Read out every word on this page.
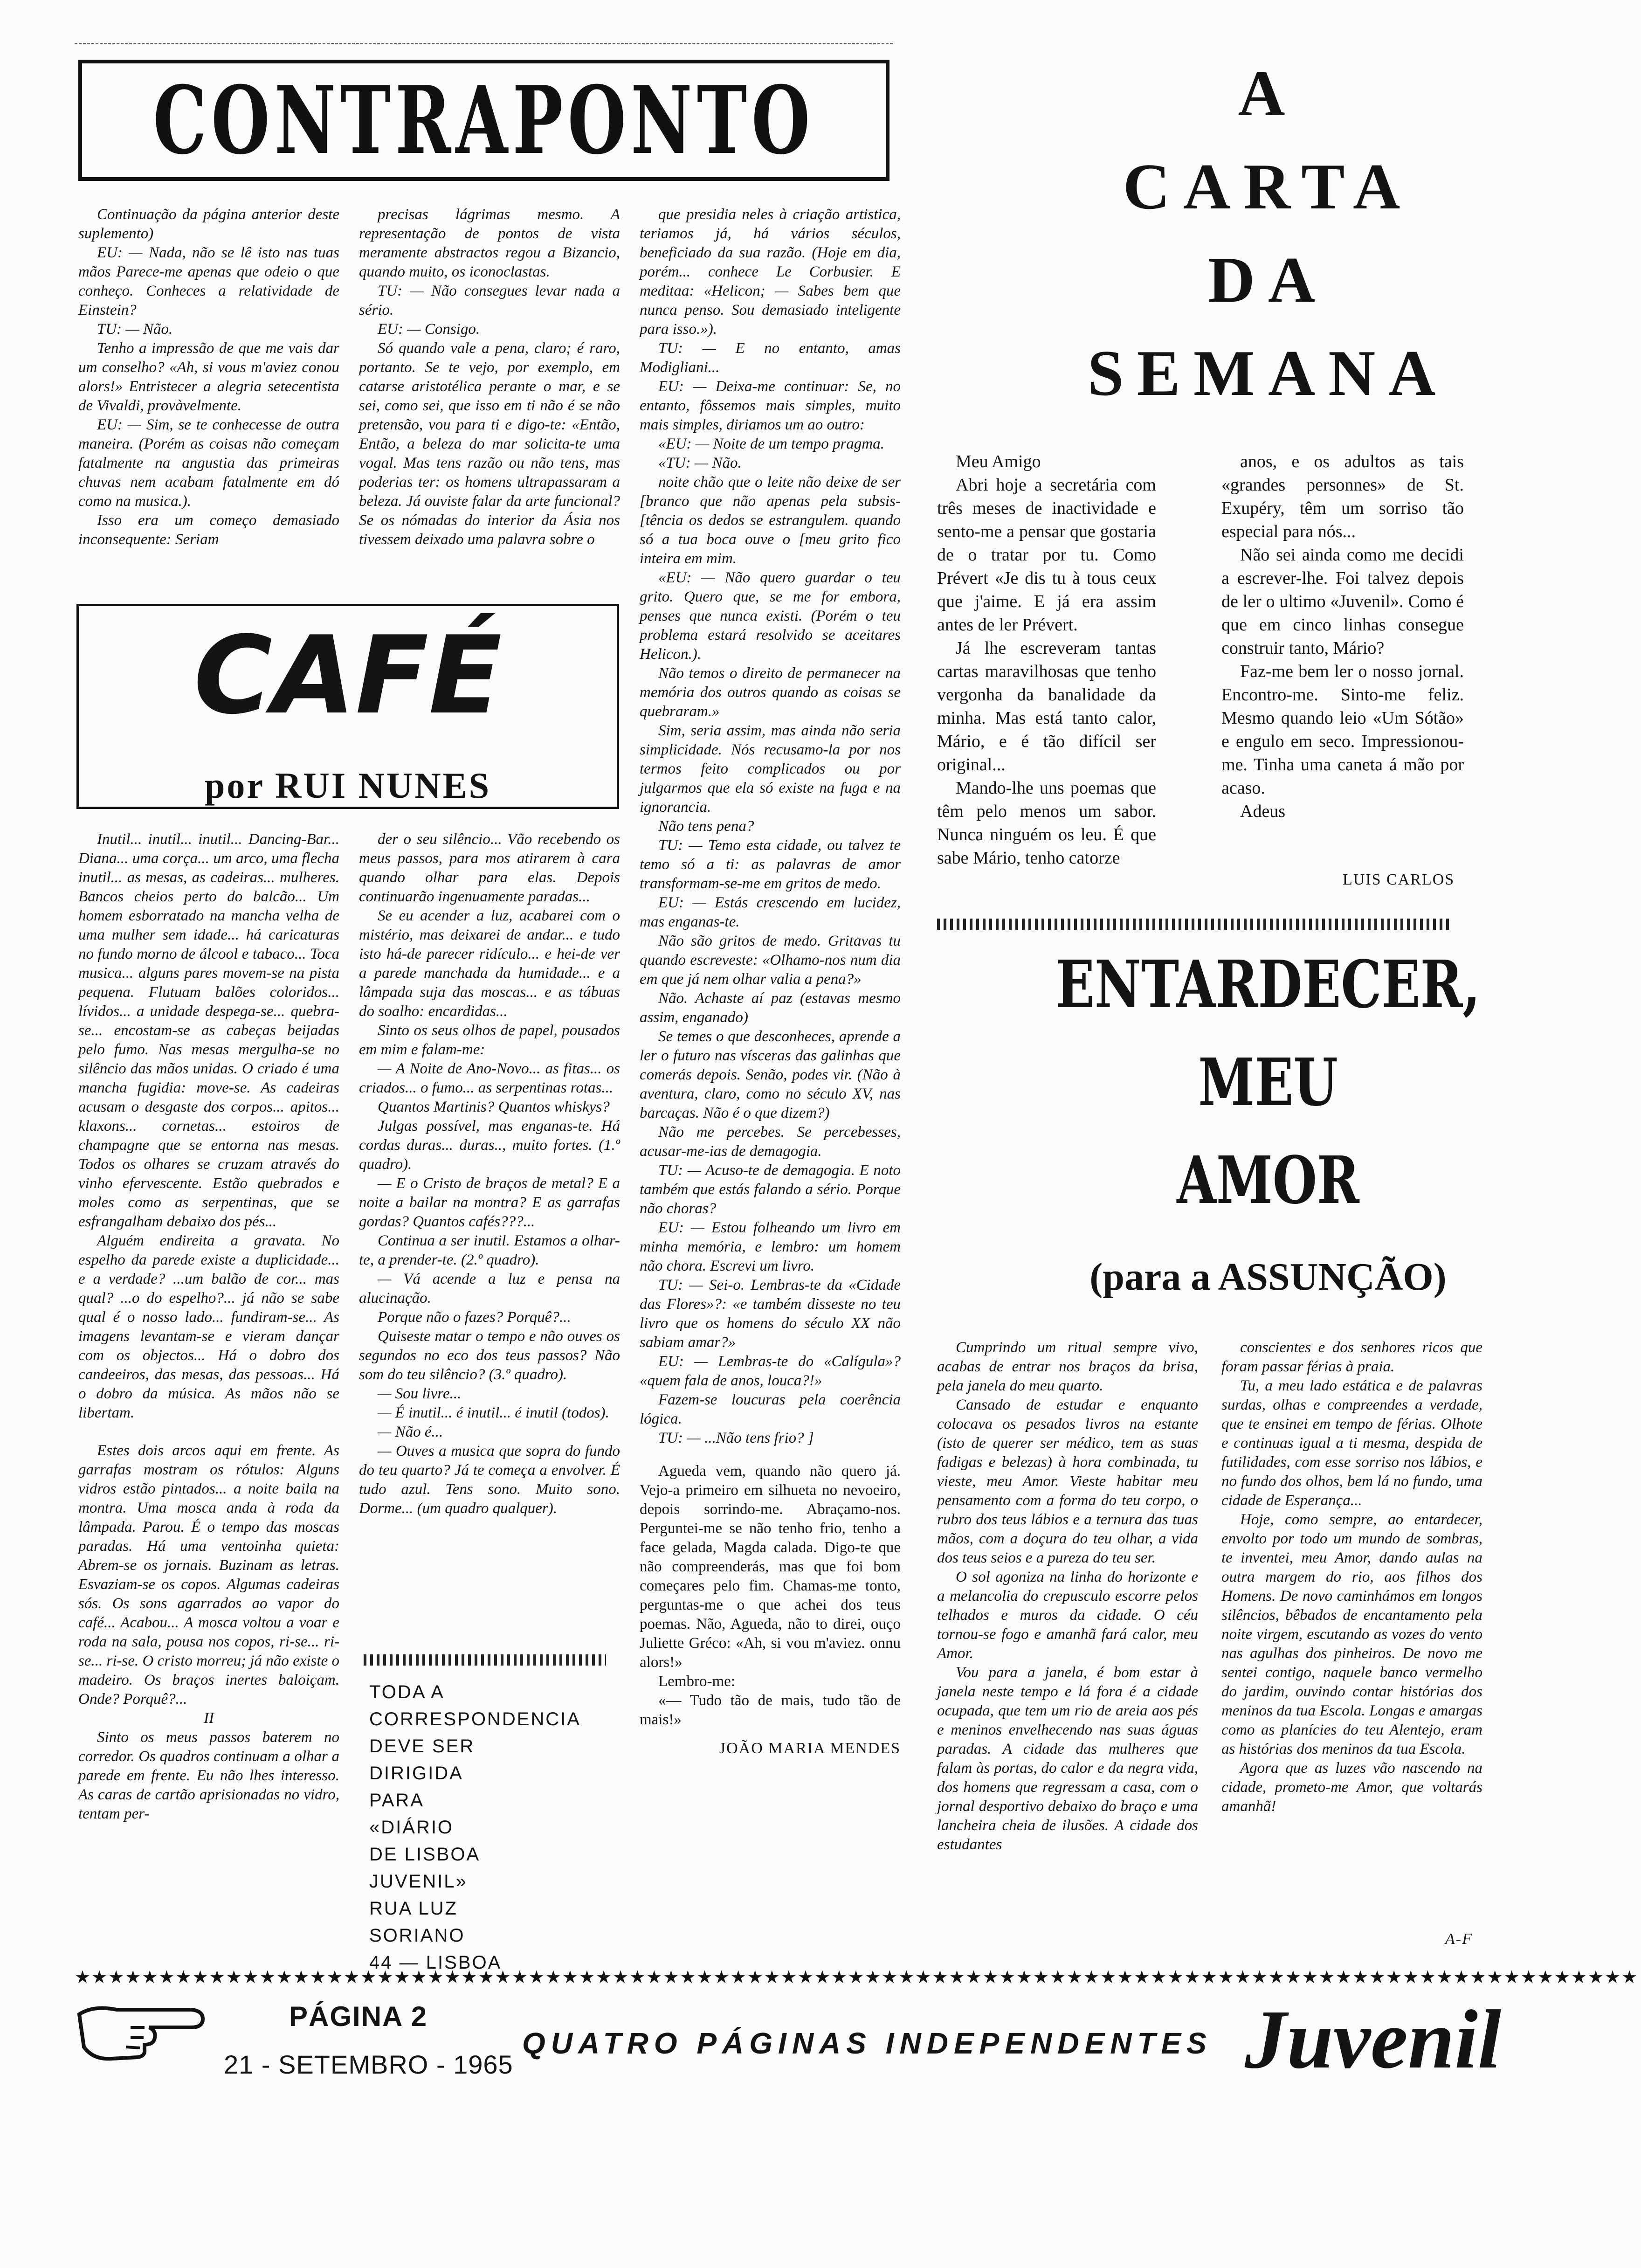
CONTRAPONTO

Continuação da página anterior deste suplemento)

EU: — Nada, não se lê isto nas tuas mãos Parece-me apenas que odeio o que conheço. Conheces a relatividade de Einstein?

TU: — Não.

Tenho a impressão de que me vais dar um conselho? «Ah, si vous m'aviez conou alors!» Entristecer a alegria setecentista de Vivaldi, provàvelmente.

EU: — Sim, se te conhecesse de outra maneira. (Porém as coisas não começam fatalmente na angustia das primeiras chuvas nem acabam fatalmente em dó como na musica.).

Isso era um começo demasiado inconsequente: Seriam

precisas lágrimas mesmo. A representação de pontos de vista meramente abstractos regou a Bizancio, quando muito, os iconoclastas.

TU: — Não consegues levar nada a sério.

EU: — Consigo.

Só quando vale a pena, claro; é raro, portanto. Se te vejo, por exemplo, em catarse aristotélica perante o mar, e se sei, como sei, que isso em ti não é se não pretensão, vou para ti e digo-te: «Então, Então, a beleza do mar solicita-te uma vogal. Mas tens razão ou não tens, mas poderias ter: os homens ultrapassaram a beleza. Já ouviste falar da arte funcional? Se os nómadas do interior da Ásia nos tivessem deixado uma palavra sobre o

que presidia neles à criação artistica, teriamos já, há vários séculos, beneficiado da sua razão. (Hoje em dia, porém... conhece Le Corbusier. E meditaa: «Helicon; — Sabes bem que nunca penso. Sou demasiado inteligente para isso.»).

TU: — E no entanto, amas Modigliani...

EU: — Deixa-me continuar: Se, no entanto, fôssemos mais simples, muito mais simples, diriamos um ao outro:

«EU: — Noite de um tempo pragma.

«TU: — Não.

noite chão que o leite não deixe de ser [branco que não apenas pela subsis- [tência os dedos se estrangulem. quando só a tua boca ouve o [meu grito fico inteira em mim.

«EU: — Não quero guardar o teu grito. Quero que, se me for embora, penses que nunca existi. (Porém o teu problema estará resolvido se aceitares Helicon.).

Não temos o direito de permanecer na memória dos outros quando as coisas se quebraram.»

Sim, seria assim, mas ainda não seria simplicidade. Nós recusamo-la por nos termos feito complicados ou por julgarmos que ela só existe na fuga e na ignorancia.

Não tens pena?

TU: — Temo esta cidade, ou talvez te temo só a ti: as palavras de amor transformam-se-me em gritos de medo.

EU: — Estás crescendo em lucidez, mas enganas-te.

Não são gritos de medo. Gritavas tu quando escreveste: «Olhamo-nos num dia em que já nem olhar valia a pena?»

Não. Achaste aí paz (estavas mesmo assim, enganado)

Se temes o que desconheces, aprende a ler o futuro nas vísceras das galinhas que comerás depois. Senão, podes vir. (Não à aventura, claro, como no século XV, nas barcaças. Não é o que dizem?)

Não me percebes. Se percebesses, acusar-me-ias de demagogia.

TU: — Acuso-te de demagogia. E noto também que estás falando a sério. Porque não choras?

EU: — Estou folheando um livro em minha memória, e lembro: um homem não chora. Escrevi um livro.

TU: — Sei-o. Lembras-te da «Cidade das Flores»?: «e também disseste no teu livro que os homens do século XX não sabiam amar?»

EU: — Lembras-te do «Calígula»? «quem fala de anos, louca?!»

Fazem-se loucuras pela coerência lógica.

TU: — ...Não tens frio? ]

Agueda vem, quando não quero já. Vejo-a primeiro em silhueta no nevoeiro, depois sorrindo-me. Abraçamo-nos. Perguntei-me se não tenho frio, tenho a face gelada, Magda calada. Digo-te que não compreenderás, mas que foi bom começares pelo fim. Chamas-me tonto, perguntas-me o que achei dos teus poemas. Não, Agueda, não to direi, ouço Juliette Gréco: «Ah, si vou m'aviez. onnu alors!»

Lembro-me:

«— Tudo tão de mais, tudo tão de mais!»

JOÃO MARIA MENDES
CAFÉ
por RUI NUNES

Inutil... inutil... inutil... Dancing-Bar... Diana... uma corça... um arco, uma flecha inutil... as mesas, as cadeiras... mulheres. Bancos cheios perto do balcão... Um homem esborratado na mancha velha de uma mulher sem idade... há caricaturas no fundo morno de álcool e tabaco... Toca musica... alguns pares movem-se na pista pequena. Flutuam balões coloridos... lívidos... a unidade despega-se... quebra-se... encostam-se as cabeças beijadas pelo fumo. Nas mesas mergulha-se no silêncio das mãos unidas. O criado é uma mancha fugidia: move-se. As cadeiras acusam o desgaste dos corpos... apitos... klaxons... cornetas... estoiros de champagne que se entorna nas mesas. Todos os olhares se cruzam através do vinho efervescente. Estão quebrados e moles como as serpentinas, que se esfrangalham debaixo dos pés...

Alguém endireita a gravata. No espelho da parede existe a duplicidade... e a verdade? ...um balão de cor... mas qual? ...o do espelho?... já não se sabe qual é o nosso lado... fundiram-se... As imagens levantam-se e vieram dançar com os objectos... Há o dobro dos candeeiros, das mesas, das pessoas... Há o dobro da música. As mãos não se libertam.

Estes dois arcos aqui em frente. As garrafas mostram os rótulos: Alguns vidros estão pintados... a noite baila na montra. Uma mosca anda à roda da lâmpada. Parou. É o tempo das moscas paradas. Há uma ventoinha quieta: Abrem-se os jornais. Buzinam as letras. Esvaziam-se os copos. Algumas cadeiras sós. Os sons agarrados ao vapor do café... Acabou... A mosca voltou a voar e roda na sala, pousa nos copos, ri-se... ri-se... ri-se. O cristo morreu; já não existe o madeiro. Os braços inertes baloiçam. Onde? Porquê?...

II

Sinto os meus passos baterem no corredor. Os quadros continuam a olhar a parede em frente. Eu não lhes interesso. As caras de cartão aprisionadas no vidro, tentam per-

der o seu silêncio... Vão recebendo os meus passos, para mos atirarem à cara quando olhar para elas. Depois continuarão ingenuamente paradas...

Se eu acender a luz, acabarei com o mistério, mas deixarei de andar... e tudo isto há-de parecer ridículo... e hei-de ver a parede manchada da humidade... e a lâmpada suja das moscas... e as tábuas do soalho: encardidas...

Sinto os seus olhos de papel, pousados em mim e falam-me:

— A Noite de Ano-Novo... as fitas... os criados... o fumo... as serpentinas rotas...

Quantos Martinis? Quantos whiskys?

Julgas possível, mas enganas-te. Há cordas duras... duras.., muito fortes. (1.º quadro).

— E o Cristo de braços de metal? E a noite a bailar na montra? E as garrafas gordas? Quantos cafés???...

Continua a ser inutil. Estamos a olhar-te, a prender-te. (2.º quadro).

— Vá acende a luz e pensa na alucinação.

Porque não o fazes? Porquê?...

Quiseste matar o tempo e não ouves os segundos no eco dos teus passos? Não som do teu silêncio? (3.º quadro).

— Sou livre...

— É inutil... é inutil... é inutil (todos).

— Não é...

— Ouves a musica que sopra do fundo do teu quarto? Já te começa a envolver. É tudo azul. Tens sono. Muito sono. Dorme... (um quadro qualquer).

TODA A
CORRESPONDENCIA
DEVE SER
DIRIGIDA
PARA
«DIÁRIO
DE LISBOA
JUVENIL»
RUA LUZ
SORIANO
44 — LISBOA
A
CARTA
DA
SEMANA

Meu Amigo

Abri hoje a secretária com três meses de inactividade e sento-me a pensar que gostaria de o tratar por tu. Como Prévert «Je dis tu à tous ceux que j'aime. E já era assim antes de ler Prévert.

Já lhe escreveram tantas cartas maravilhosas que tenho vergonha da banalidade da minha. Mas está tanto calor, Mário, e é tão difícil ser original...

Mando-lhe uns poemas que têm pelo menos um sabor. Nunca ninguém os leu. É que sabe Mário, tenho catorze

anos, e os adultos as tais «grandes personnes» de St. Exupéry, têm um sorriso tão especial para nós...

Não sei ainda como me decidi a escrever-lhe. Foi talvez depois de ler o ultimo «Juvenil». Como é que em cinco linhas consegue construir tanto, Mário?

Faz-me bem ler o nosso jornal. Encontro-me. Sinto-me feliz. Mesmo quando leio «Um Sótão» e engulo em seco. Impressionou-me. Tinha uma caneta á mão por acaso.

Adeus

LUIS CARLOS
ENTARDECER,
MEU
AMOR
(para a ASSUNÇÃO)

Cumprindo um ritual sempre vivo, acabas de entrar nos braços da brisa, pela janela do meu quarto.

Cansado de estudar e enquanto colocava os pesados livros na estante (isto de querer ser médico, tem as suas fadigas e belezas) à hora combinada, tu vieste, meu Amor. Vieste habitar meu pensamento com a forma do teu corpo, o rubro dos teus lábios e a ternura das tuas mãos, com a doçura do teu olhar, a vida dos teus seios e a pureza do teu ser.

O sol agoniza na linha do horizonte e a melancolia do crepusculo escorre pelos telhados e muros da cidade. O céu tornou-se fogo e amanhã fará calor, meu Amor.

Vou para a janela, é bom estar à janela neste tempo e lá fora é a cidade ocupada, que tem um rio de areia aos pés e meninos envelhecendo nas suas águas paradas. A cidade das mulheres que falam às portas, do calor e da negra vida, dos homens que regressam a casa, com o jornal desportivo debaixo do braço e uma lancheira cheia de ilusões. A cidade dos estudantes

conscientes e dos senhores ricos que foram passar férias à praia.

Tu, a meu lado estática e de palavras surdas, olhas e compreendes a verdade, que te ensinei em tempo de férias. Olhote e continuas igual a ti mesma, despida de futilidades, com esse sorriso nos lábios, e no fundo dos olhos, bem lá no fundo, uma cidade de Esperança...

Hoje, como sempre, ao entardecer, envolto por todo um mundo de sombras, te inventei, meu Amor, dando aulas na outra margem do rio, aos filhos dos Homens. De novo caminhámos em longos silêncios, bêbados de encantamento pela noite virgem, escutando as vozes do vento nas agulhas dos pinheiros. De novo me sentei contigo, naquele banco vermelho do jardim, ouvindo contar histórias dos meninos da tua Escola. Longas e amargas como as planícies do teu Alentejo, eram as histórias dos meninos da tua Escola.

Agora que as luzes vão nascendo na cidade, prometo-me Amor, que voltarás amanhã!

A-F
★★★★★★★★★★★★★★★★★★★★★★★★★★★★★★★★★★★★★★★★★★★★★★★★★★★★★★★★★★★★★★★★★★★★★★★★★★★★★★★★★★★★★★★★★★★★★
PÁGINA 2
21 - SETEMBRO - 1965
QUATRO PÁGINAS INDEPENDENTES Juvenil
